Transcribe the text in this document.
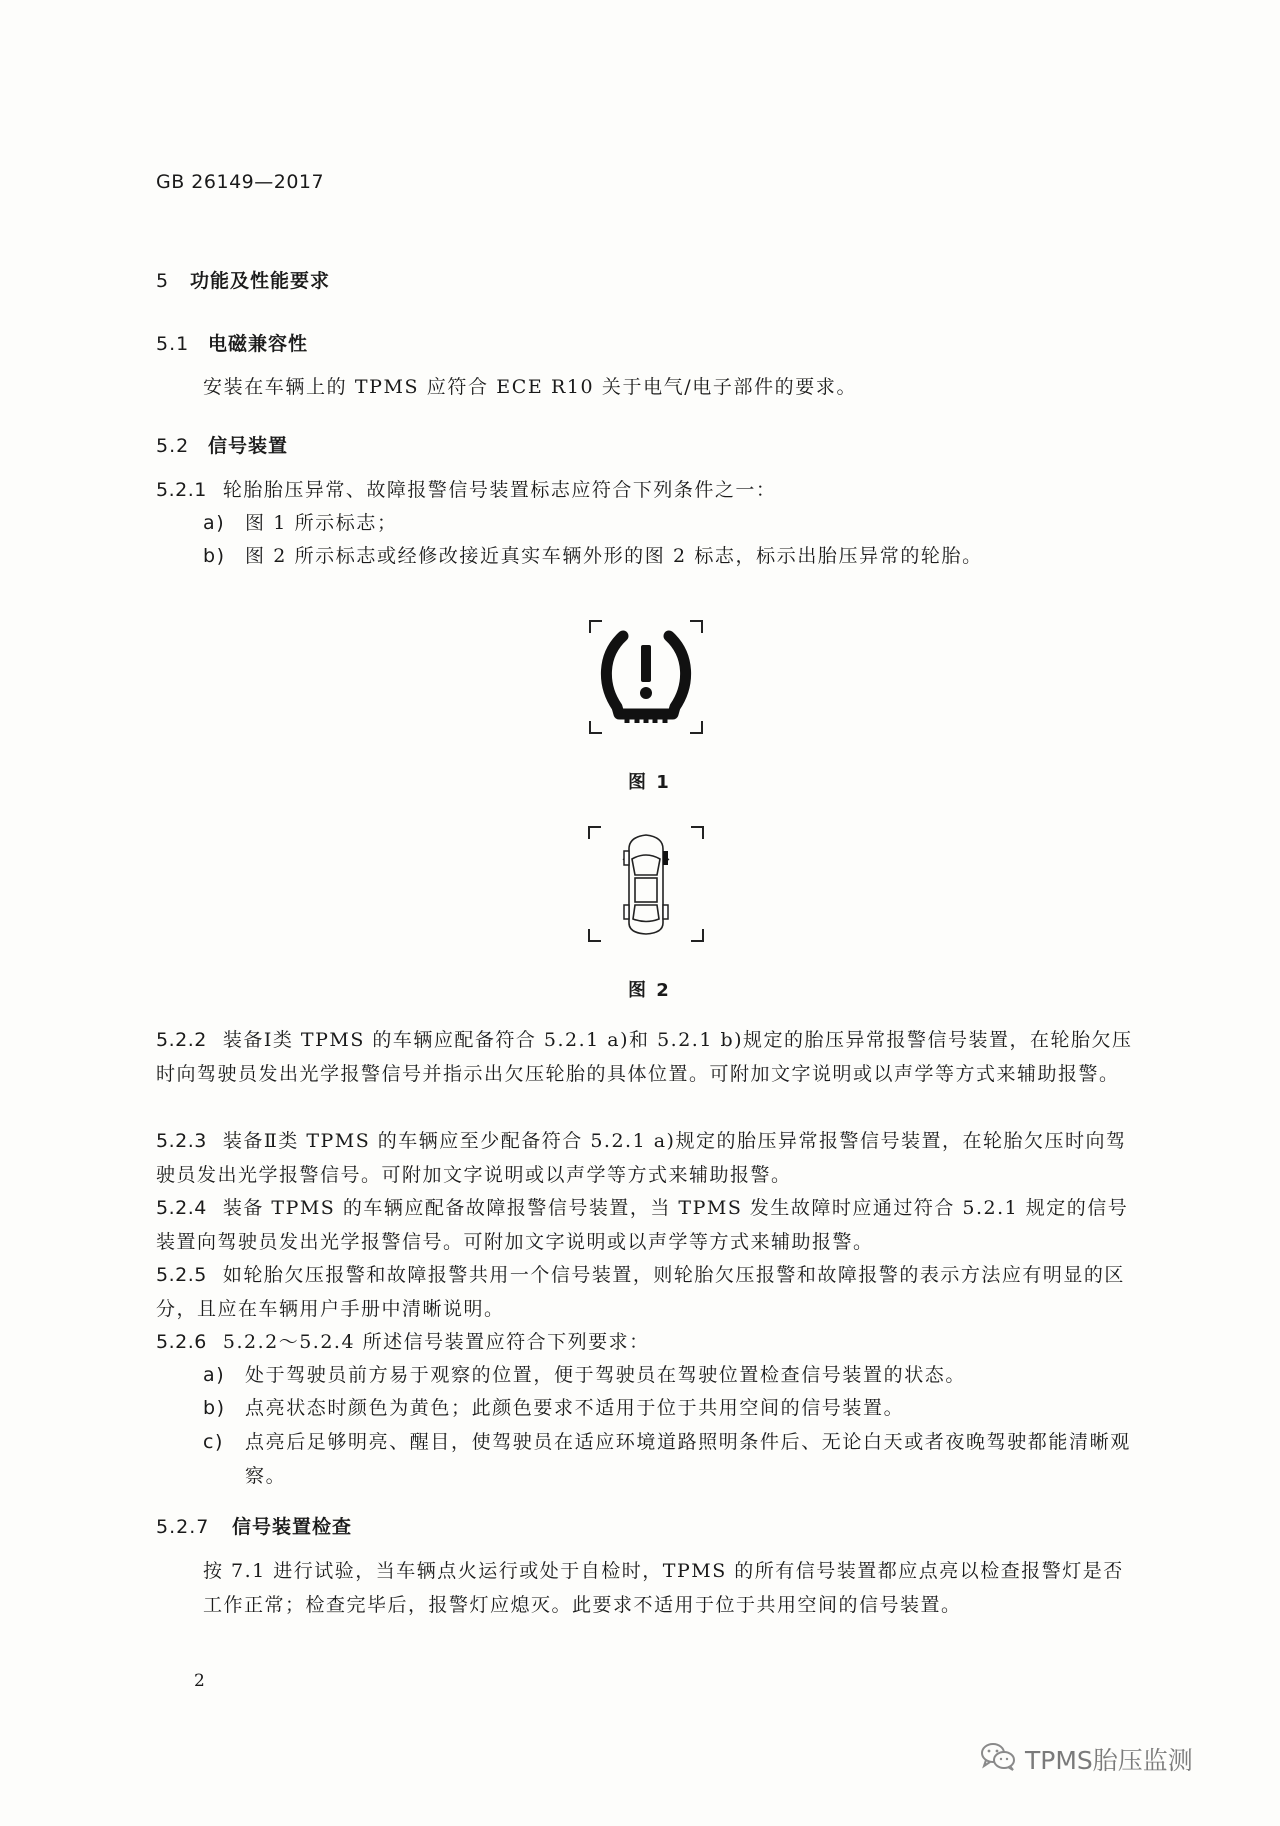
GB 26149—2017

5 功能及性能要求
5.1 电磁兼容性

安装在车辆上的 TPMS 应符合 ECE R10 关于电气/电子部件的要求。

5.2 信号装置

5.2.1 轮胎胎压异常、故障报警信号装置标志应符合下列条件之一：

a) 图 1 所示标志；

b) 图 2 所示标志或经修改接近真实车辆外形的图 2 标志，标示出胎压异常的轮胎。

图 1

图 2

5.2.2 装备Ⅰ类 TPMS 的车辆应配备符合 5.2.1 a)和 5.2.1 b)规定的胎压异常报警信号装置，在轮胎欠压时向驾驶员发出光学报警信号并指示出欠压轮胎的具体位置。可附加文字说明或以声学等方式来辅助报警。

5.2.3 装备Ⅱ类 TPMS 的车辆应至少配备符合 5.2.1 a)规定的胎压异常报警信号装置，在轮胎欠压时向驾驶员发出光学报警信号。可附加文字说明或以声学等方式来辅助报警。

5.2.4 装备 TPMS 的车辆应配备故障报警信号装置，当 TPMS 发生故障时应通过符合 5.2.1 规定的信号装置向驾驶员发出光学报警信号。可附加文字说明或以声学等方式来辅助报警。

5.2.5 如轮胎欠压报警和故障报警共用一个信号装置，则轮胎欠压报警和故障报警的表示方法应有明显的区分，且应在车辆用户手册中清晰说明。

5.2.6 5.2.2～5.2.4 所述信号装置应符合下列要求：

a) 处于驾驶员前方易于观察的位置，便于驾驶员在驾驶位置检查信号装置的状态。

b) 点亮状态时颜色为黄色；此颜色要求不适用于位于共用空间的信号装置。

c)	点亮后足够明亮、醒目，使驾驶员在适应环境道路照明条件后、无论白天或者夜晚驾驶都能清晰观察。
5.2.7 信号装置检查

按 7.1 进行试验，当车辆点火运行或处于自检时，TPMS 的所有信号装置都应点亮以检查报警灯是否工作正常；检查完毕后，报警灯应熄灭。此要求不适用于位于共用空间的信号装置。

2

TPMS胎压监测
